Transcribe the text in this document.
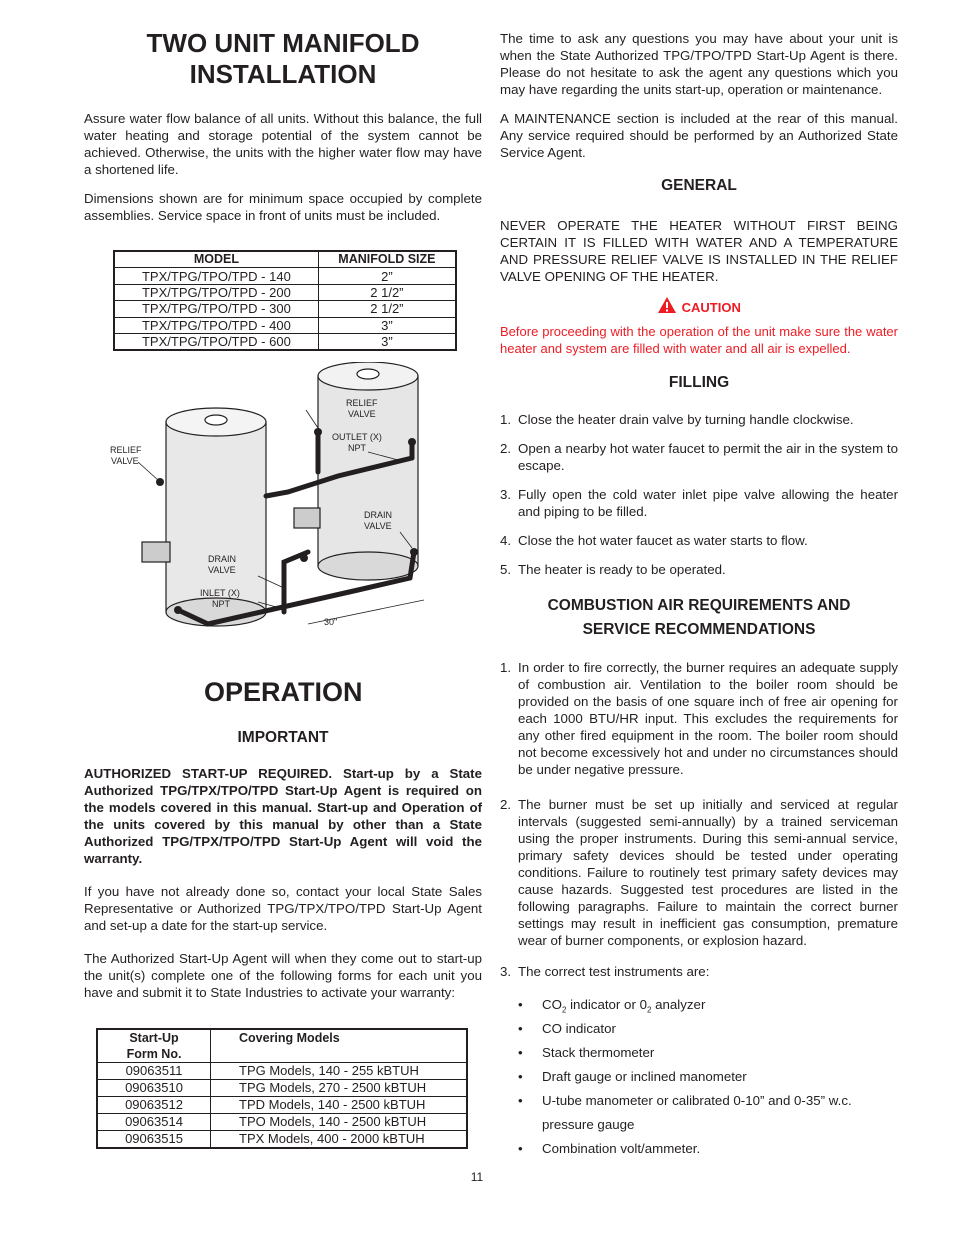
TWO UNIT MANIFOLD
INSTALLATION

Assure water flow balance of all units. Without this balance, the full water heating and storage potential of the system cannot be achieved. Otherwise, the units with the higher water flow may have a shortened life.

Dimensions shown are for minimum space occupied by complete assemblies. Service space in front of units must be included.

MODEL	MANIFOLD SIZE
TPX/TPG/TPO/TPD - 140	2”
TPX/TPG/TPO/TPD - 200	2 1/2”
TPX/TPG/TPO/TPD - 300	2 1/2”
TPX/TPG/TPO/TPD - 400	3”
TPX/TPG/TPO/TPD - 600	3”
RELIEF
VALVE
RELIEF
VALVE
OUTLET (X)
NPT
DRAIN
VALVE
DRAIN
VALVE
INLET (X)
NPT
30"
OPERATION
IMPORTANT

AUTHORIZED START-UP REQUIRED. Start-up by a State Authorized TPG/TPX/TPO/TPD Start-Up Agent is required on the models covered in this manual. Start-up and Operation of the units covered by this manual by other than a State Authorized TPG/TPX/TPO/TPD Start-Up Agent will void the warranty.

If you have not already done so, contact your local State Sales Representative or Authorized TPG/TPX/TPO/TPD Start-Up Agent and set-up a date for the start-up service.

The Authorized Start-Up Agent will when they come out to start-up the unit(s) complete one of the following forms for each unit you have and submit it to State Industries to activate your warranty:

Start-Up
Form No.	Covering Models
09063511	TPG Models, 140 - 255 kBTUH
09063510	TPG Models, 270 - 2500 kBTUH
09063512	TPD Models, 140 - 2500 kBTUH
09063514	TPO Models, 140 - 2500 kBTUH
09063515	TPX Models, 400 - 2000 kBTUH

The time to ask any questions you may have about your unit is when the State Authorized TPG/TPO/TPD Start-Up Agent is there. Please do not hesitate to ask the agent any questions which you may have regarding the units start-up, operation or maintenance.

A MAINTENANCE section is included at the rear of this manual. Any service required should be performed by an Authorized State Service Agent.

GENERAL

NEVER OPERATE THE HEATER WITHOUT FIRST BEING CERTAIN IT IS FILLED WITH WATER AND A TEMPERATURE AND PRESSURE RELIEF VALVE IS INSTALLED IN THE RELIEF VALVE OPENING OF THE HEATER.

CAUTION

Before proceeding with the operation of the unit make sure the water heater and system are filled with water and all air is expelled.

FILLING
1. Close the heater drain valve by turning handle clockwise.
2. Open a nearby hot water faucet to permit the air in the system to escape.
3. Fully open the cold water inlet pipe valve allowing the heater and piping to be filled.
4. Close the hot water faucet as water starts to flow.
5. The heater is ready to be operated.
COMBUSTION AIR REQUIREMENTS AND
SERVICE RECOMMENDATIONS
1. In order to fire correctly, the burner requires an adequate supply of combustion air. Ventilation to the boiler room should be provided on the basis of one square inch of free air opening for each 1000 BTU/HR input. This excludes the requirements for any other fired equipment in the room. The boiler room should not become excessively hot and under no circumstances should be under negative pressure.
2. The burner must be set up initially and serviced at regular intervals (suggested semi-annually) by a trained serviceman using the proper instruments. During this semi-annual service, primary safety devices should be tested under operating conditions. Failure to routinely test primary safety devices may cause hazards. Suggested test procedures are listed in the following paragraphs. Failure to maintain the correct burner settings may result in inefficient gas consumption, premature wear of burner components, or explosion hazard.
3. The correct test instruments are:
• $CO_2$ indicator or $0_2$ analyzer
• CO indicator
• Stack thermometer
• Draft gauge or inclined manometer
• U-tube manometer or calibrated 0-10” and 0-35” w.c.
pressure gauge
• Combination volt/ammeter.
11
